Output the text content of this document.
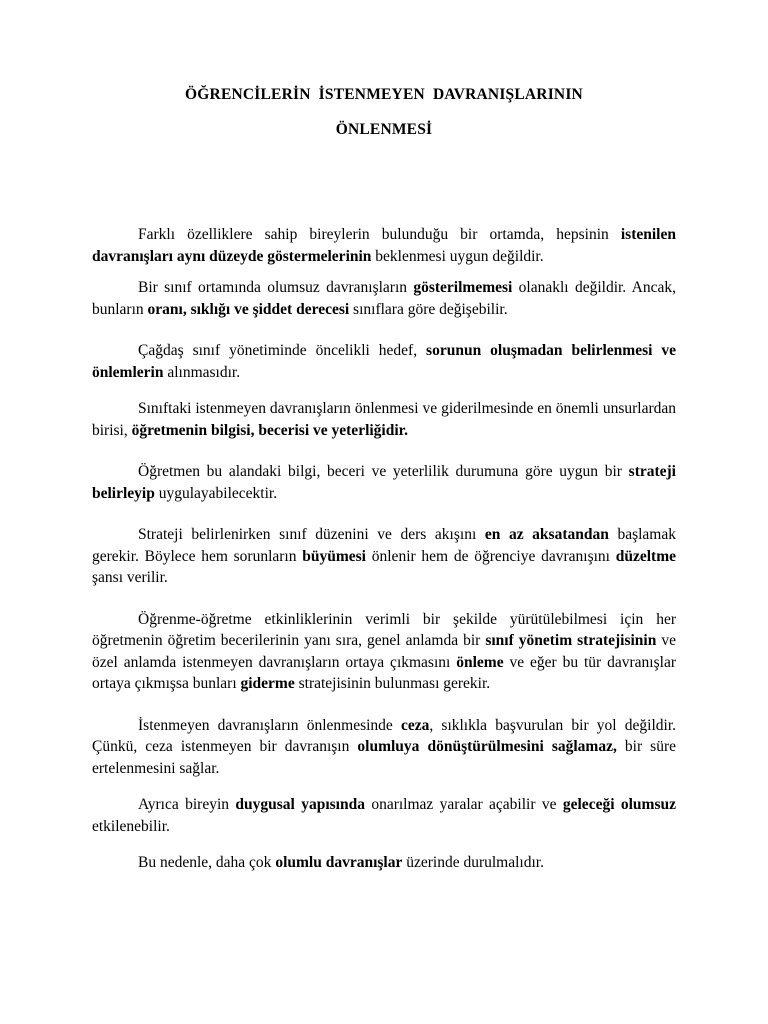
ÖĞRENCİLERİN İSTENMEYEN DAVRANIŞLARININ
ÖNLENMESİ

Farklı özelliklere sahip bireylerin bulunduğu bir ortamda, hepsinin istenilen davranışları aynı düzeyde göstermelerinin beklenmesi uygun değildir.

Bir sınıf ortamında olumsuz davranışların gösterilmemesi olanaklı değildir. Ancak, bunların oranı, sıklığı ve şiddet derecesi sınıflara göre değişebilir.

Çağdaş sınıf yönetiminde öncelikli hedef, sorunun oluşmadan belirlenmesi ve önlemlerin alınmasıdır.

Sınıftaki istenmeyen davranışların önlenmesi ve giderilmesinde en önemli unsurlardan birisi, öğretmenin bilgisi, becerisi ve yeterliğidir.

Öğretmen bu alandaki bilgi, beceri ve yeterlilik durumuna göre uygun bir strateji belirleyip uygulayabilecektir.

Strateji belirlenirken sınıf düzenini ve ders akışını en az aksatandan başlamak gerekir. Böylece hem sorunların büyümesi önlenir hem de öğrenciye davranışını düzeltme şansı verilir.

Öğrenme-öğretme etkinliklerinin verimli bir şekilde yürütülebilmesi için her öğretmenin öğretim becerilerinin yanı sıra, genel anlamda bir sınıf yönetim stratejisinin ve özel anlamda istenmeyen davranışların ortaya çıkmasını önleme ve eğer bu tür davranışlar ortaya çıkmışsa bunları giderme stratejisinin bulunması gerekir.

İstenmeyen davranışların önlenmesinde ceza, sıklıkla başvurulan bir yol değildir. Çünkü, ceza istenmeyen bir davranışın olumluya dönüştürülmesini sağlamaz, bir süre ertelenmesini sağlar.

Ayrıca bireyin duygusal yapısında onarılmaz yaralar açabilir ve geleceği olumsuz etkilenebilir.

Bu nedenle, daha çok olumlu davranışlar üzerinde durulmalıdır.
